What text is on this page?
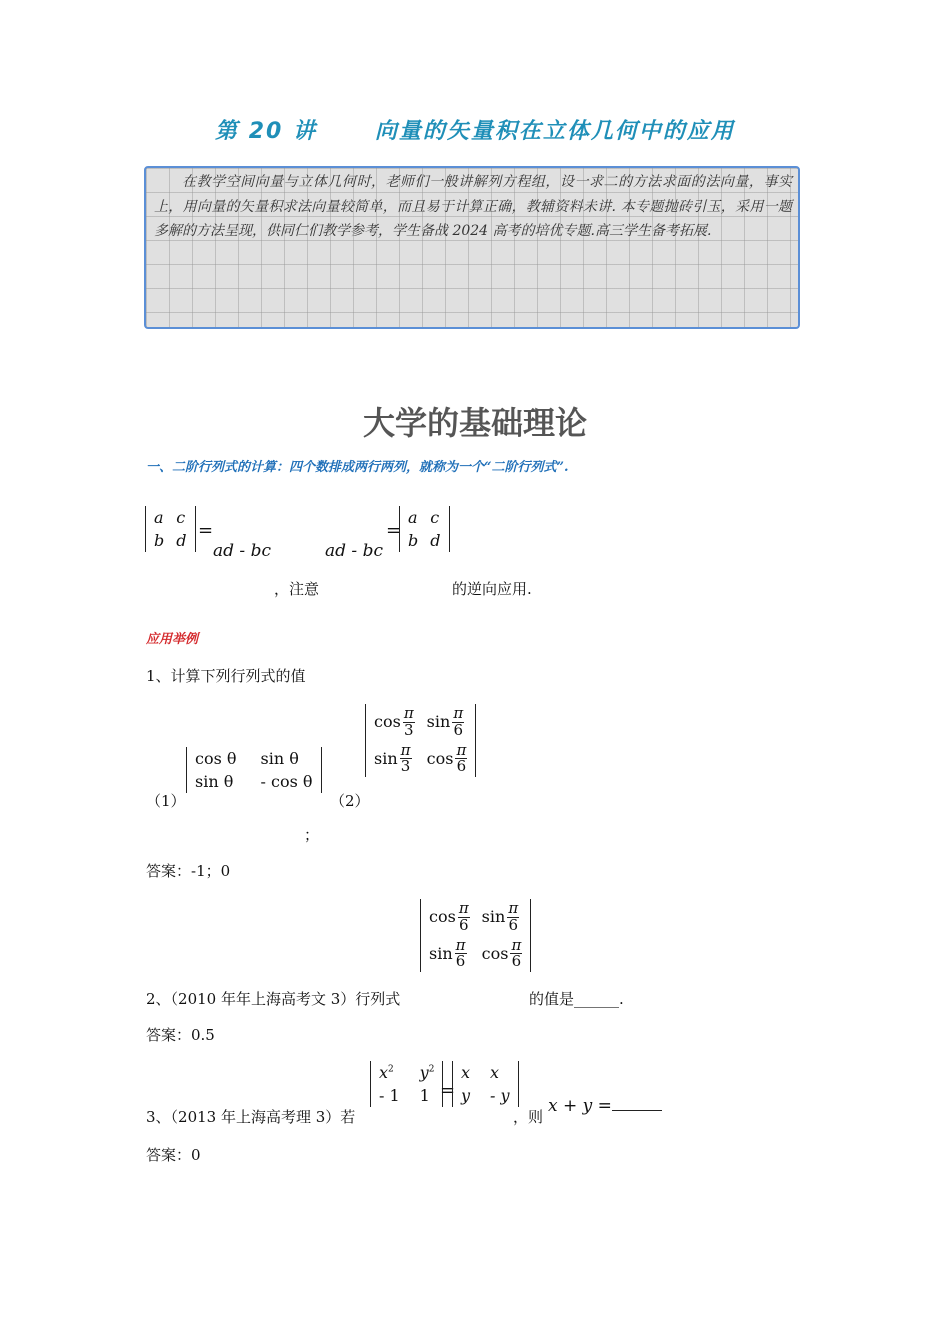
第 20 讲      向量的矢量积在立体几何中的应用
在教学空间向量与立体几何时，老师们一般讲解列方程组，设一求二的方法求面的法向量，事实上，用向量的矢量积求法向量较简单，而且易于计算正确，教辅资料未讲. 本专题抛砖引玉，采用一题多解的方法呈现，供同仁们教学参考，学生备战 2024 高考的培优专题.高三学生备考拓展.
大学的基础理论
一、二阶行列式的计算：四个数排成两行两列，就称为一个“二阶行列式”.
a	c
b	d =
ad - bc	ad - bc
=
a	c
b	d
，注意	的逆向应用.
应用举例
1、计算下列行列式的值
（1）
cos θ	sin θ
sin θ	- cos θ
（2）
$\cos \frac{\pi}{3}$	$\sin \frac{\pi}{6}$

$\sin \frac{\pi}{3}$	$\cos \frac{\pi}{6}$
；
答案：-1；0
$\cos \frac{\pi}{6}$	$\sin \frac{\pi}{6}$

$\sin \frac{\pi}{6}$	$\cos \frac{\pi}{6}$
2、（2010 年年上海高考文 3）行列式	的值是______.
答案：0.5
3、（2013 年上海高考理 3）若
$x^2$	$y^2$
- 1	1 =
x	x
y	- y
，则
x + y =
答案：0
